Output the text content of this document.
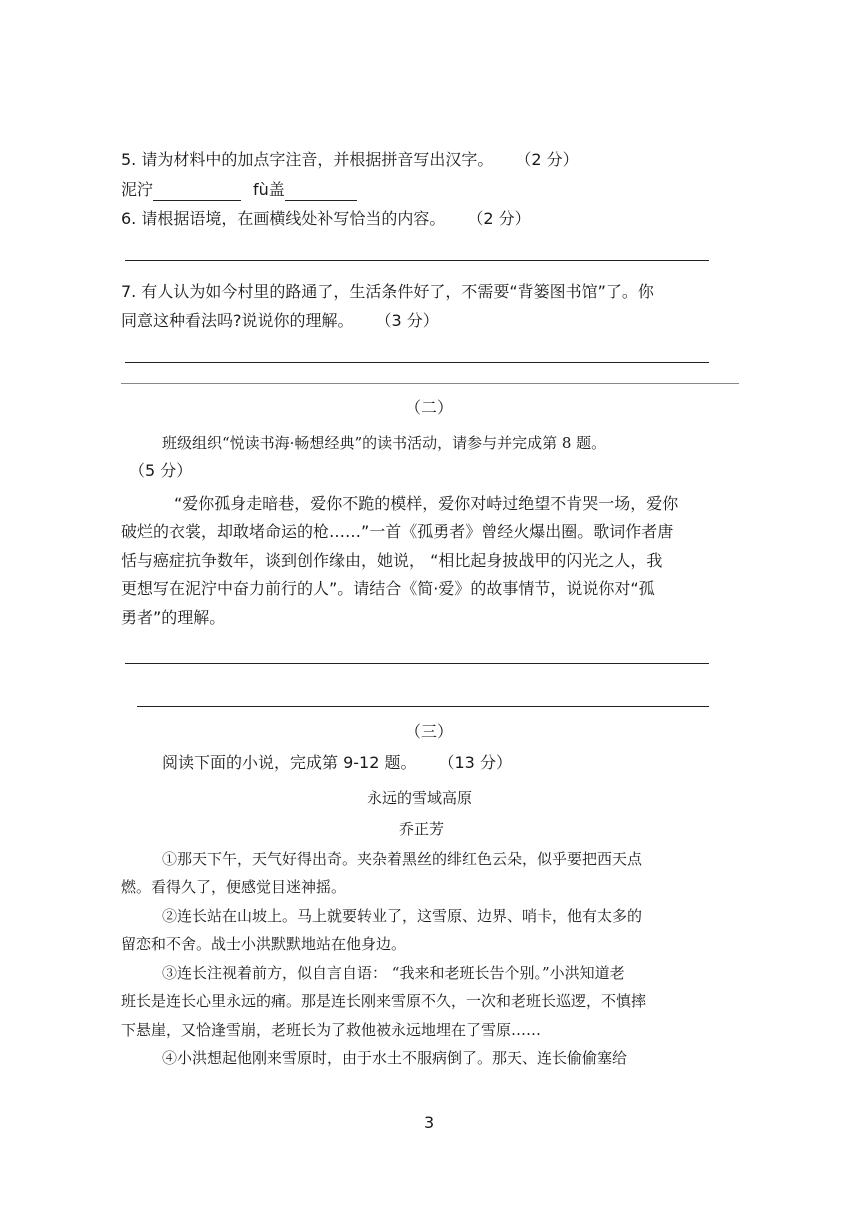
5. 请为材料中的加点字注音，并根据拼音写出汉字。 （2 分）
泥泞	fù盖
6. 请根据语境，在画横线处补写恰当的内容。 （2 分）
7. 有人认为如今村里的路通了，生活条件好了，不需要“背篓图书馆”了。你
同意这种看法吗?说说你的理解。 （3 分）
（二）
班级组织“悦读书海·畅想经典”的读书活动，请参与并完成第 8 题。
（5 分）
“爱你孤身走暗巷，爱你不跪的模样，爱你对峙过绝望不肯哭一场，爱你
破烂的衣裳，却敢堵命运的枪……”一首《孤勇者》曾经火爆出圈。歌词作者唐
恬与癌症抗争数年，谈到创作缘由，她说， “相比起身披战甲的闪光之人，我
更想写在泥泞中奋力前行的人”。请结合《简·爱》的故事情节，说说你对“孤
勇者”的理解。
（三）
阅读下面的小说，完成第 9-12 题。 （13 分）
永远的雪域高原
乔正芳
①那天下午，天气好得出奇。夹杂着黑丝的绯红色云朵，似乎要把西天点
燃。看得久了，便感觉目迷神摇。
②连长站在山坡上。马上就要转业了，这雪原、边界、哨卡，他有太多的
留恋和不舍。战士小洪默默地站在他身边。
③连长注视着前方，似自言自语： “我来和老班长告个别。”小洪知道老
班长是连长心里永远的痛。那是连长刚来雪原不久，一次和老班长巡逻，不慎摔
下悬崖，又恰逢雪崩，老班长为了救他被永远地埋在了雪原……
④小洪想起他刚来雪原时，由于水土不服病倒了。那天、连长偷偷塞给
3
